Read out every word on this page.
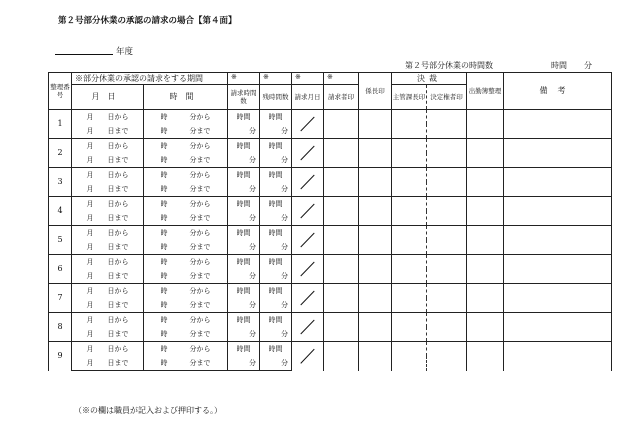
第２号部分休業の承認の請求の場合【第４面】
年度
第２号部分休業の時間数	時間 分
整理番号	※部分休業の承認の請求をする期間		※	※	※	※	係長印	決裁		出勤簿整理	備考
	月日	時間	請求時間数	残時間数	請求月日	請求者印		主管課長印	決定権者印		
1	月 日から	時 分から	時間	時間	

	月 日まで	時 分まで	分	分							
2	月 日から	時 分から	時間	時間	

	月 日まで	時 分まで	分	分							
3	月 日から	時 分から	時間	時間	

	月 日まで	時 分まで	分	分							
4	月 日から	時 分から	時間	時間	

	月 日まで	時 分まで	分	分							
5	月 日から	時 分から	時間	時間	

	月 日まで	時 分まで	分	分							
6	月 日から	時 分から	時間	時間	

	月 日まで	時 分まで	分	分							
7	月 日から	時 分から	時間	時間	

	月 日まで	時 分まで	分	分							
8	月 日から	時 分から	時間	時間	

	月 日まで	時 分まで	分	分							
9	月 日から	時 分から	時間	時間	

	月 日まで	時 分まで	分	分							
（※の欄は職員が記入および押印する。）
